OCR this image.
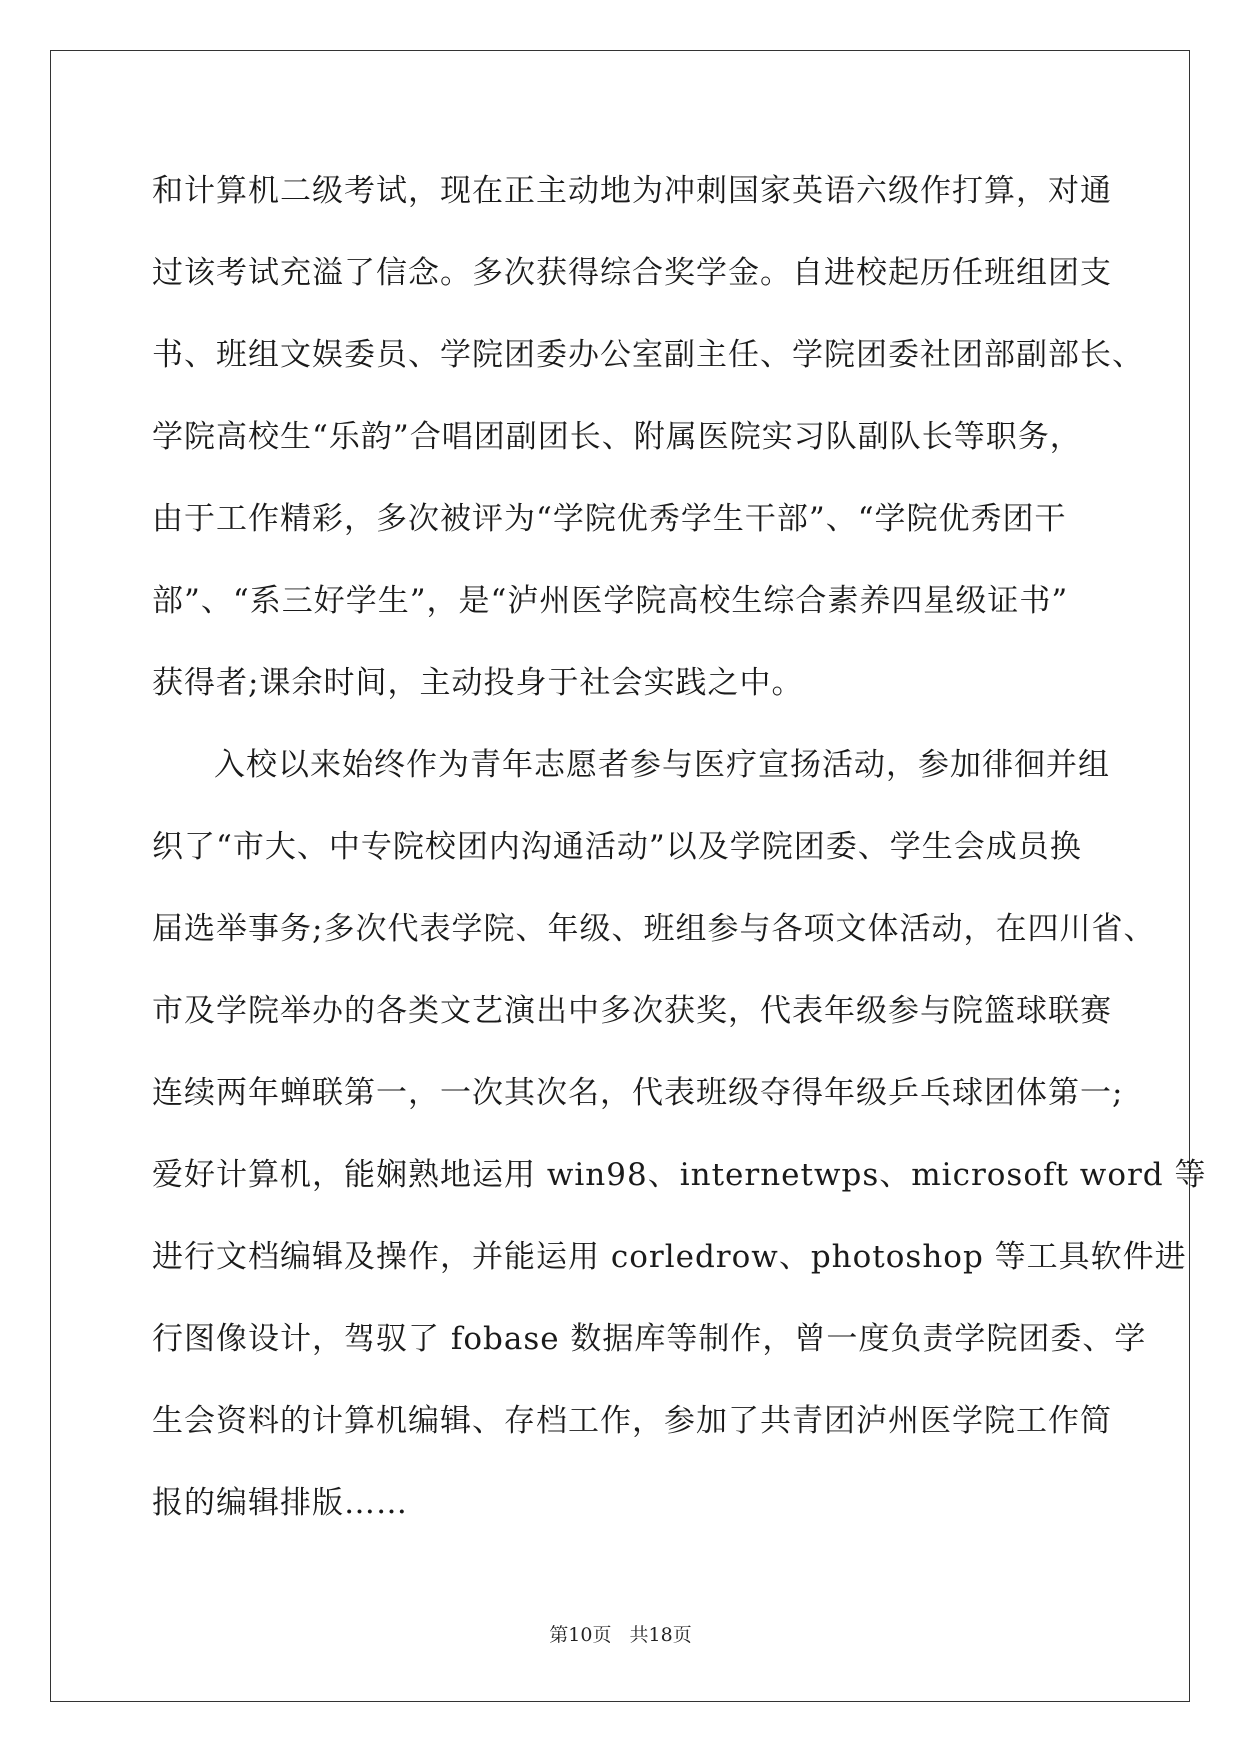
和计算机二级考试，现在正主动地为冲刺国家英语六级作打算，对通
过该考试充溢了信念。多次获得综合奖学金。自进校起历任班组团支
书、班组文娱委员、学院团委办公室副主任、学院团委社团部副部长、
学院高校生“乐韵”合唱团副团长、附属医院实习队副队长等职务，
由于工作精彩，多次被评为“学院优秀学生干部”、“学院优秀团干
部”、“系三好学生”，是“泸州医学院高校生综合素养四星级证书”
获得者;课余时间，主动投身于社会实践之中。
入校以来始终作为青年志愿者参与医疗宣扬活动，参加徘徊并组
织了“市大、中专院校团内沟通活动”以及学院团委、学生会成员换
届选举事务;多次代表学院、年级、班组参与各项文体活动，在四川省、
市及学院举办的各类文艺演出中多次获奖，代表年级参与院篮球联赛
连续两年蝉联第一，一次其次名，代表班级夺得年级乒乓球团体第一;
爱好计算机，能娴熟地运用 win98、internetwps、microsoft word 等
进行文档编辑及操作，并能运用 corledrow、photoshop 等工具软件进
行图像设计，驾驭了 fobase 数据库等制作，曾一度负责学院团委、学
生会资料的计算机编辑、存档工作，参加了共青团泸州医学院工作简
报的编辑排版……
第10页 共18页
